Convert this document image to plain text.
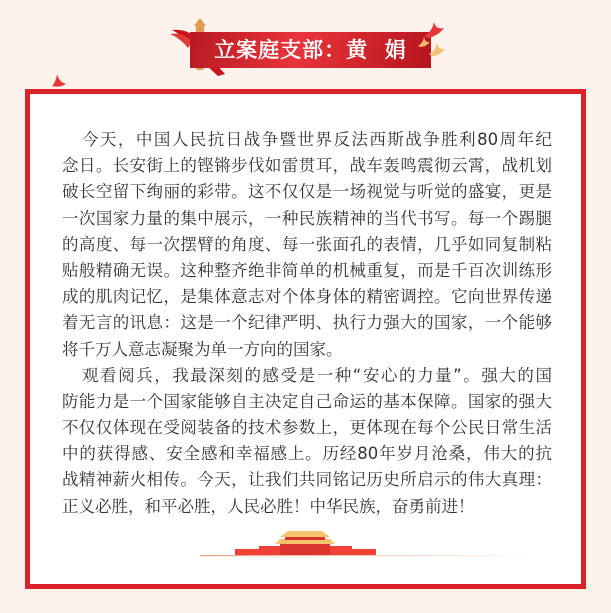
立案庭支部：黄  娟
今天，中国人民抗日战争暨世界反法西斯战争胜利80周年纪
念日。长安街上的铿锵步伐如雷贯耳，战车轰鸣震彻云霄，战机划
破长空留下绚丽的彩带。这不仅仅是一场视觉与听觉的盛宴，更是
一次国家力量的集中展示，一种民族精神的当代书写。每一个踢腿
的高度、每一次摆臂的角度、每一张面孔的表情，几乎如同复制粘
贴般精确无误。这种整齐绝非简单的机械重复，而是千百次训练形
成的肌肉记忆，是集体意志对个体身体的精密调控。它向世界传递
着无言的讯息：这是一个纪律严明、执行力强大的国家，一个能够
将千万人意志凝聚为单一方向的国家。
观看阅兵，我最深刻的感受是一种“安心的力量”。强大的国
防能力是一个国家能够自主决定自己命运的基本保障。国家的强大
不仅仅体现在受阅装备的技术参数上，更体现在每个公民日常生活
中的获得感、安全感和幸福感上。历经80年岁月沧桑，伟大的抗
战精神薪火相传。今天，让我们共同铭记历史所启示的伟大真理：
正义必胜，和平必胜，人民必胜！中华民族，奋勇前进！
